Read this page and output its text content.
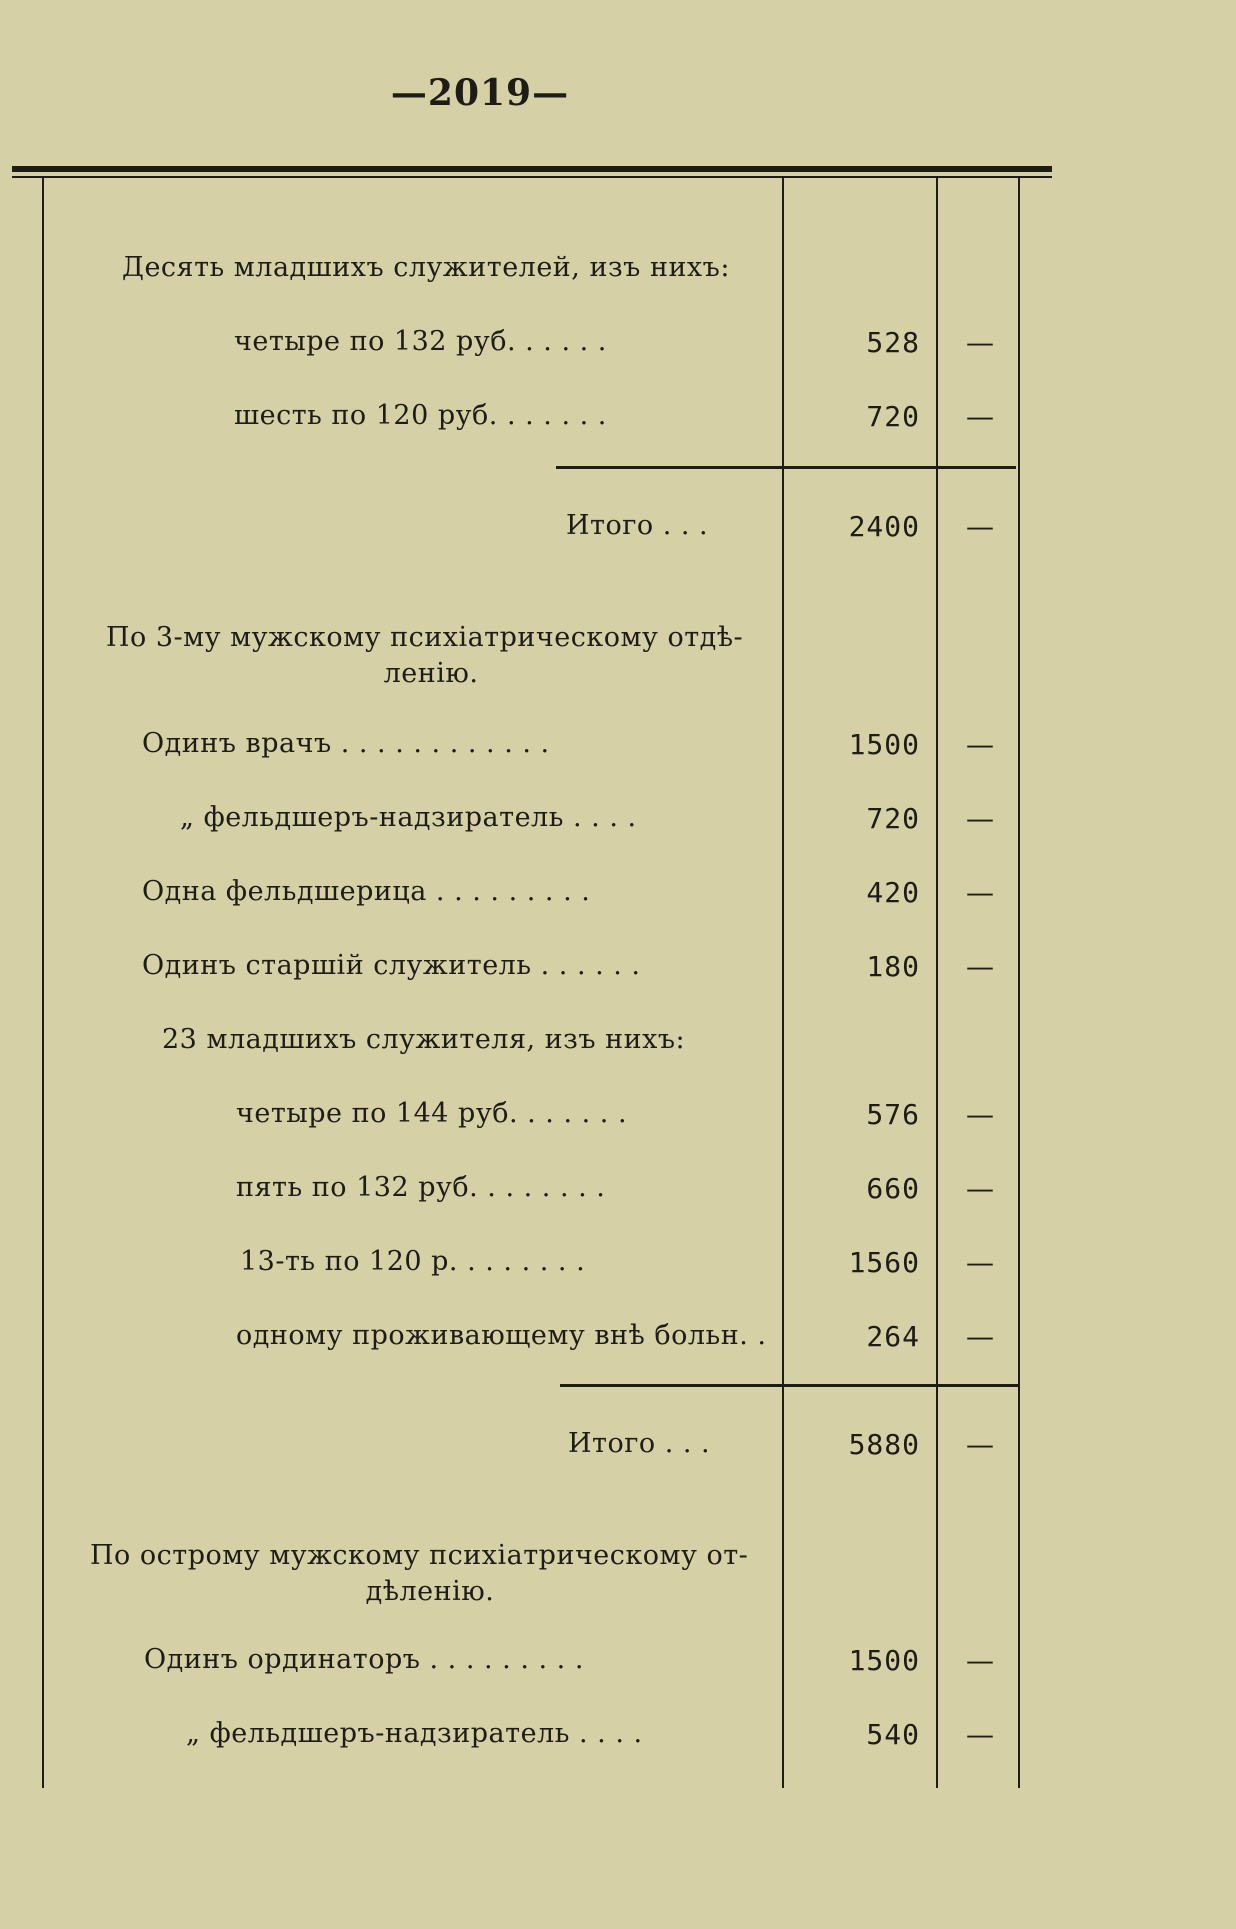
—2019—
Десять младшихъ служителей, изъ нихъ:
четыре по 132 руб. . . . . .	528	—
шесть по 120 руб. . . . . . .	720	—
Итого . . .	2400	—
По 3-му мужскому психіатрическому отдѣ-
ленію.
Одинъ врачъ . . . . . . . . . . . .	1500	—
„ фельдшеръ-надзиратель . . . .	720	—
Одна фельдшерица . . . . . . . . .	420	—
Одинъ старшій служитель . . . . . .	180	—
23 младшихъ служителя, изъ нихъ:
четыре по 144 руб. . . . . . .	576	—
пять по 132 руб. . . . . . . .	660	—
13-ть по 120 р. . . . . . . .	1560	—
одному проживающему внѣ больн. .	264	—
Итого . . .	5880	—
По острому мужскому психіатрическому от-
дѣленію.
Одинъ ординаторъ . . . . . . . . .	1500	—
„ фельдшеръ-надзиратель . . . .	540	—
